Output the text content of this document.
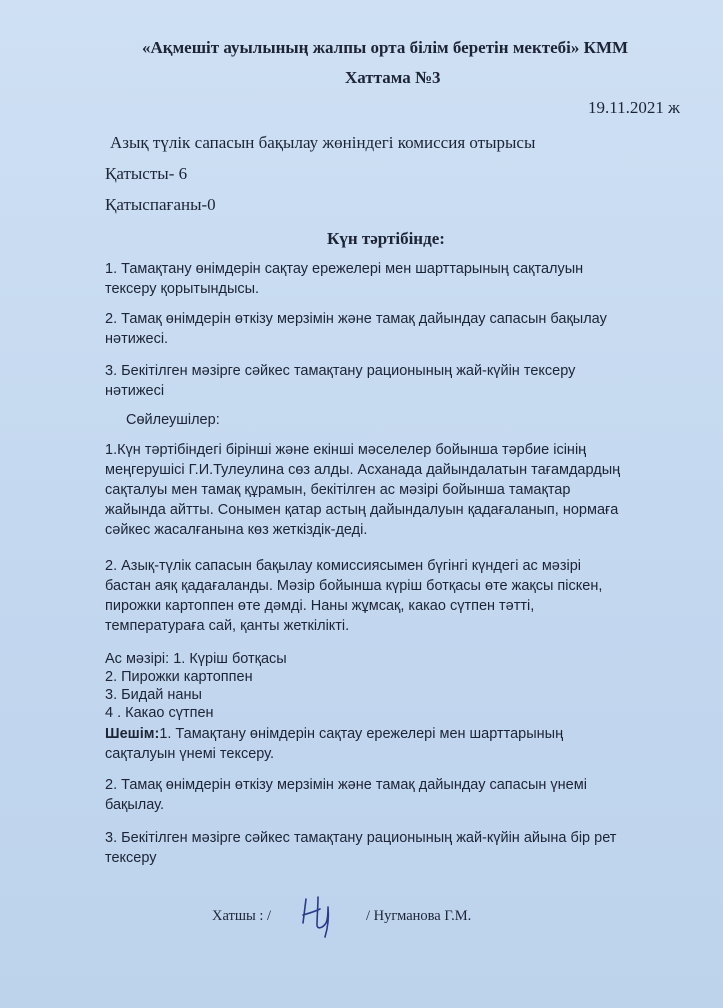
«Ақмешіт ауылының жалпы орта білім беретін мектебі» КММ
Хаттама №3
19.11.2021 ж
Азық түлік сапасын бақылау жөніндегі комиссия отырысы
Қатысты- 6
Қатыспағаны-0
Күн тәртібінде:
1. Тамақтану өнімдерін сақтау ережелері мен шарттарының сақталуын
тексеру қорытындысы.
2. Тамақ өнімдерін өткізу мерзімін және тамақ дайындау сапасын бақылау
нәтижесі.
3. Бекітілген мәзірге сәйкес тамақтану рационының жай-күйін тексеру
нәтижесі
Сөйлеушілер:
1.Күн тәртібіндегі бірінші және екінші мәселелер бойынша тәрбие ісінің
меңгерушісі Г.И.Тулеулина сөз алды. Асханада дайындалатын тағамдардың
сақталуы мен тамақ құрамын, бекітілген ас мәзірі бойынша тамақтар
жайында айтты. Сонымен қатар астың дайындалуын қадағаланып, нормаға
сәйкес жасалғанына көз жеткіздік-деді.
2. Азық-түлік сапасын бақылау комиссиясымен бүгінгі күндегі ас мәзірі
бастан аяқ қадағаланды. Мәзір бойынша күріш ботқасы өте жақсы піскен,
пирожки картоппен өте дәмді. Наны жұмсақ, какао сүтпен тәтті,
температураға сай, қанты жеткілікті.
Ас мәзірі: 1. Күріш ботқасы
2. Пирожки картоппен
3. Бидай наны
4 . Какао сүтпен
Шешім:1. Тамақтану өнімдерін сақтау ережелері мен шарттарының
сақталуын үнемі тексеру.
2. Тамақ өнімдерін өткізу мерзімін және тамақ дайындау сапасын үнемі
бақылау.
3. Бекітілген мәзірге сәйкес тамақтану рационының жай-күйін айына бір рет
тексеру
Хатшы : /	/ Нугманова Г.М.
